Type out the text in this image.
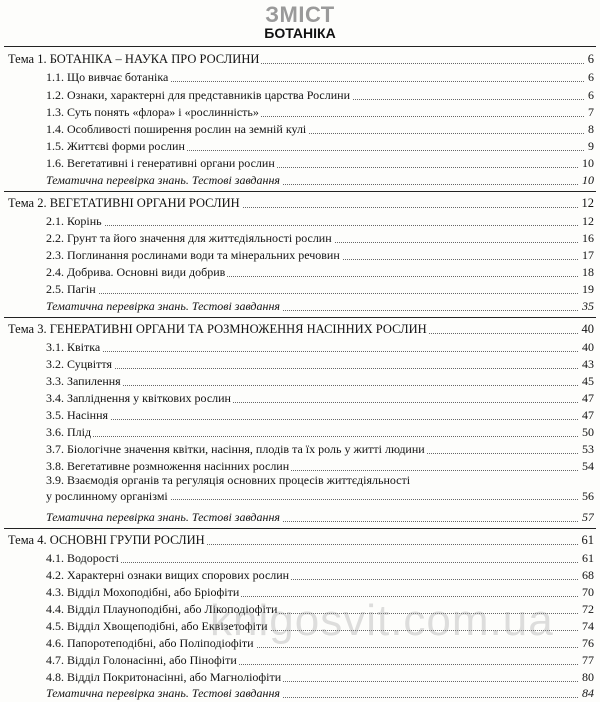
ЗМІСТ
БОТАНІКА
Тема 1. БОТАНІКА – НАУКА ПРО РОСЛИНИ	6
1.1. Що вивчає ботаніка	6
1.2. Ознаки, характерні для представників царства Рослини	6
1.3. Суть понять «флора» і «рослинність»	7
1.4. Особливості поширення рослин на земній кулі	8
1.5. Життєві форми рослин	9
1.6. Вегетативні і генеративні органи рослин	10
Тематична перевірка знань. Тестові завдання	10
Тема 2. ВЕГЕТАТИВНІ ОРГАНИ РОСЛИН	12
2.1. Корінь	12
2.2. Грунт та його значення для життєдіяльності рослин	16
2.3. Поглинання рослинами води та мінеральних речовин	17
2.4. Добрива. Основні види добрив	18
2.5. Пагін	19
Тематична перевірка знань. Тестові завдання	35
Тема 3. ГЕНЕРАТИВНІ ОРГАНИ ТА РОЗМНОЖЕННЯ НАСІННИХ РОСЛИН	40
3.1. Квітка	40
3.2. Суцвіття	43
3.3. Запилення	45
3.4. Запліднення у квіткових рослин	47
3.5. Насіння	47
3.6. Плід	50
3.7. Біологічне значення квітки, насіння, плодів та їх роль у житті людини	53
3.8. Вегетативне розмноження насінних рослин	54
3.9. Взаємодія органів та регуляція основних процесів життєдіяльності
у рослинному організмі	56
Тематична перевірка знань. Тестові завдання	57
Тема 4. ОСНОВНІ ГРУПИ РОСЛИН	61
4.1. Водорості	61
4.2. Характерні ознаки вищих спорових рослин	68
4.3. Відділ Мохоподібні, або Бріофіти	70
4.4. Відділ Плауноподібні, або Лікоподіофіти	72
4.5. Відділ Хвощеподібні, або Еквізетофіти	74
4.6. Папоротеподібні, або Поліподіофіти	76
4.7. Відділ Голонасінні, або Пінофіти	77
4.8. Відділ Покритонасінні, або Магноліофіти	80
Тематична перевірка знань. Тестові завдання	84
knigosvit.com.ua
